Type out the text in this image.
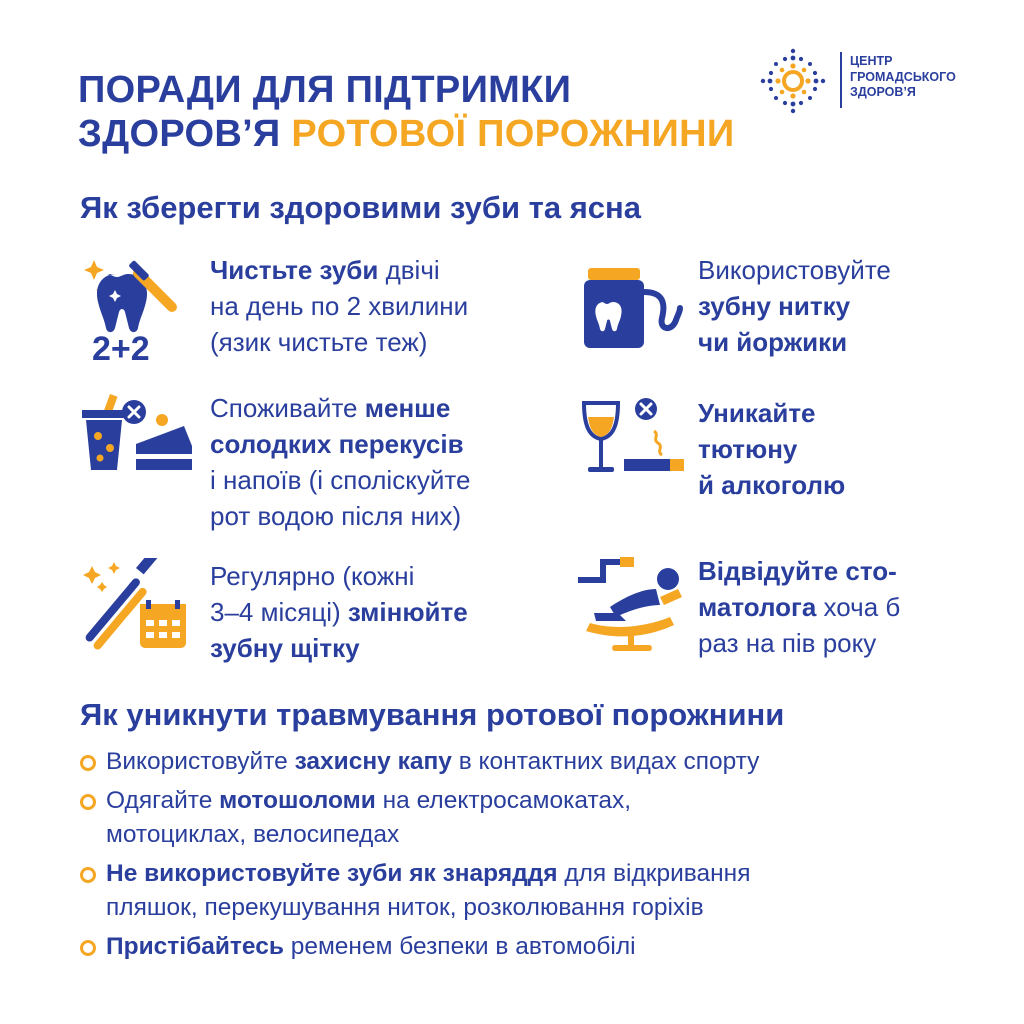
ПОРАДИ ДЛЯ ПІДТРИМКИ
ЗДОРОВ’Я РОТОВОЇ ПОРОЖНИНИ
ЦЕНТР
ГРОМАДСЬКОГО
ЗДОРОВ’Я
Як зберегти здоровими зуби та ясна
2+2
Чистьте зуби двічі
на день по 2 хвилини
(язик чистьте теж)
Використовуйте
зубну нитку
чи йоржики
Споживайте менше
солодких перекусів
і напоїв (і споліскуйте
рот водою після них)
Уникайте
тютюну
й алкоголю
Регулярно (кожні
3–4 місяці) змінюйте
зубну щітку
Відвідуйте сто-
матолога хоча б
раз на пів року
Як уникнути травмування ротової порожнини
Використовуйте захисну капу в контактних видах спорту
Одягайте мотошоломи на електросамокатах,
мотоциклах, велосипедах
Не використовуйте зуби як знаряддя для відкривання
пляшок, перекушування ниток, розколювання горіхів
Пристібайтесь ременем безпеки в автомобілі
